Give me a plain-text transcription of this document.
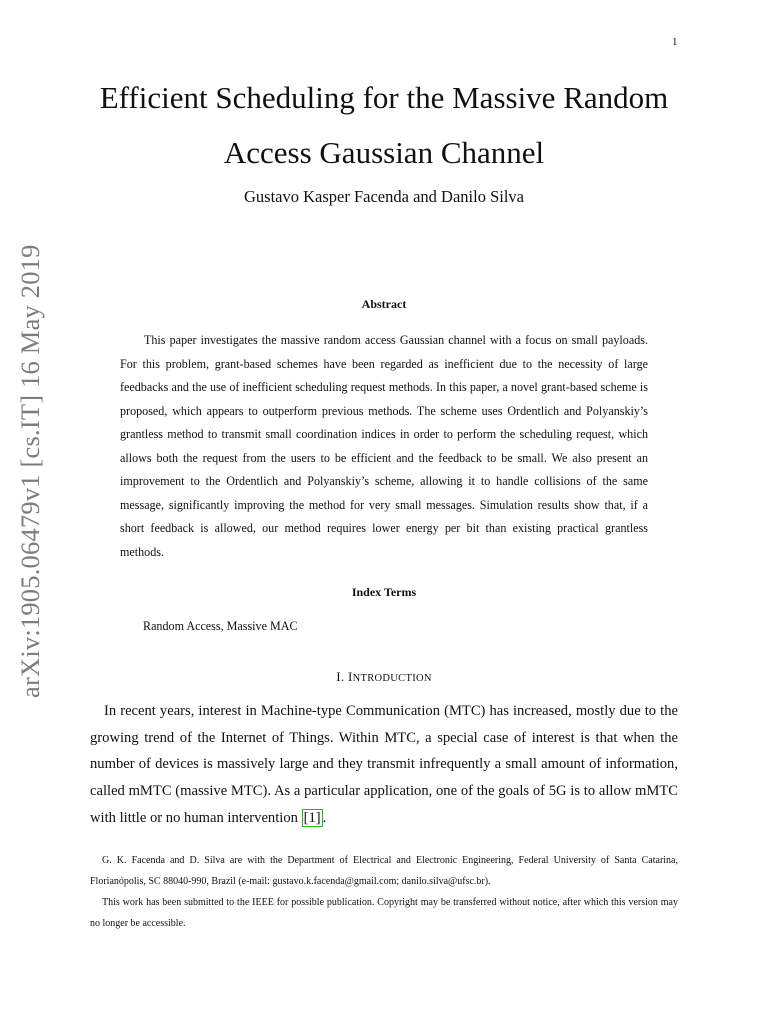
1
arXiv:1905.06479v1 [cs.IT] 16 May 2019
Efficient Scheduling for the Massive Random Access Gaussian Channel
Gustavo Kasper Facenda and Danilo Silva
Abstract

This paper investigates the massive random access Gaussian channel with a focus on small payloads. For this problem, grant-based schemes have been regarded as inefficient due to the necessity of large feedbacks and the use of inefficient scheduling request methods. In this paper, a novel grant-based scheme is proposed, which appears to outperform previous methods. The scheme uses Ordentlich and Polyanskiy’s grantless method to transmit small coordination indices in order to perform the scheduling request, which allows both the request from the users to be efficient and the feedback to be small. We also present an improvement to the Ordentlich and Polyanskiy’s scheme, allowing it to handle collisions of the same message, significantly improving the method for very small messages. Simulation results show that, if a short feedback is allowed, our method requires lower energy per bit than existing practical grantless methods.

Index Terms
Random Access, Massive MAC
I. INTRODUCTION

In recent years, interest in Machine-type Communication (MTC) has increased, mostly due to the growing trend of the Internet of Things. Within MTC, a special case of interest is that when the number of devices is massively large and they transmit infrequently a small amount of information, called mMTC (massive MTC). As a particular application, one of the goals of 5G is to allow mMTC with little or no human intervention [1] .

G. K. Facenda and D. Silva are with the Department of Electrical and Electronic Engineering, Federal University of Santa Catarina, Florianópolis, SC 88040-990, Brazil (e-mail: gustavo.k.facenda@gmail.com; danilo.silva@ufsc.br).

This work has been submitted to the IEEE for possible publication. Copyright may be transferred without notice, after which this version may no longer be accessible.
